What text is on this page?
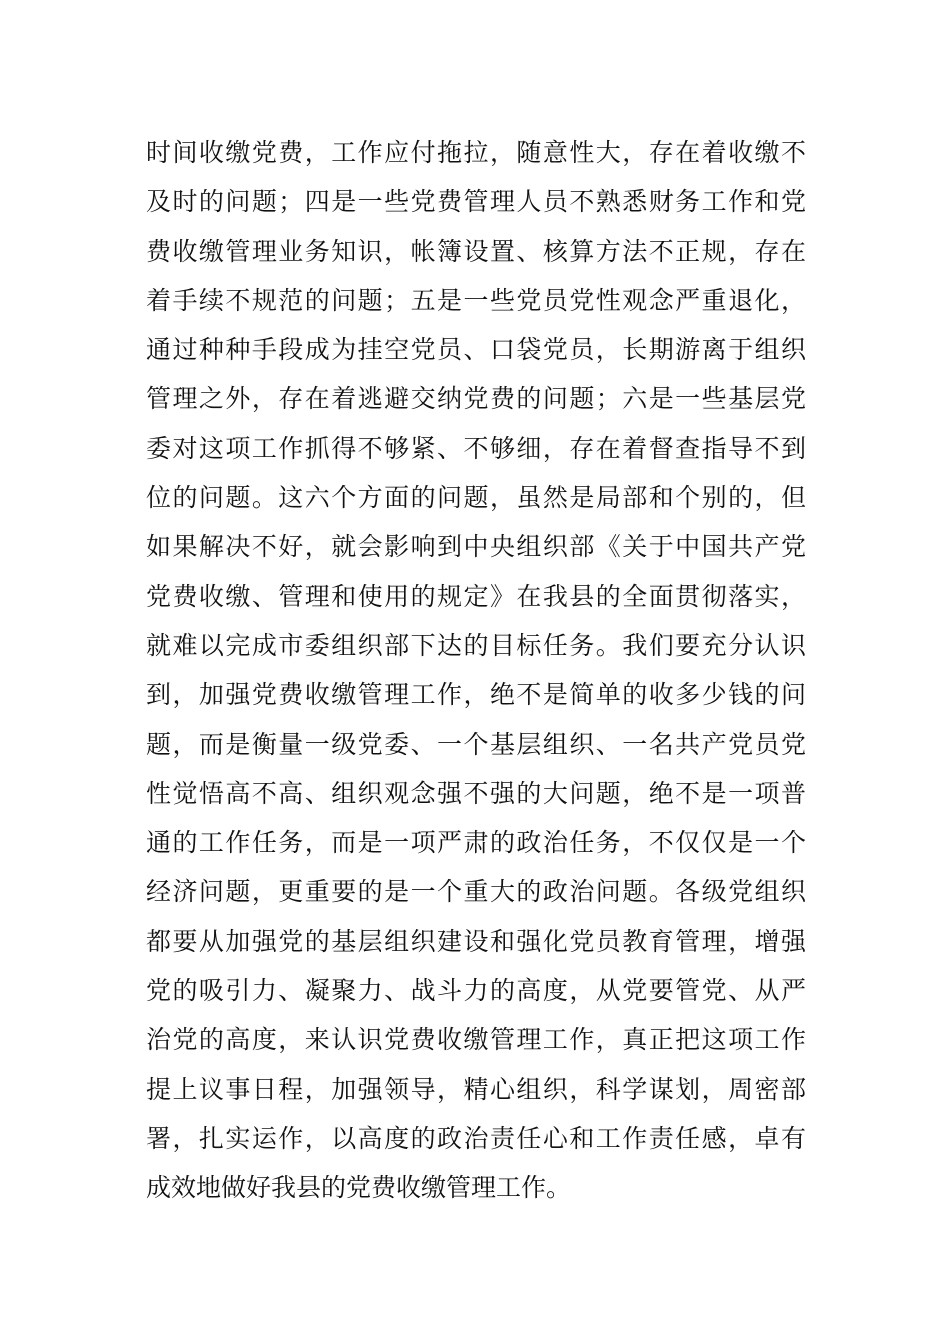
时间收缴党费，工作应付拖拉，随意性大，存在着收缴不
及时的问题；四是一些党费管理人员不熟悉财务工作和党
费收缴管理业务知识，帐簿设置、核算方法不正规，存在
着手续不规范的问题；五是一些党员党性观念严重退化，
通过种种手段成为挂空党员、口袋党员，长期游离于组织
管理之外，存在着逃避交纳党费的问题；六是一些基层党
委对这项工作抓得不够紧、不够细，存在着督查指导不到
位的问题。这六个方面的问题，虽然是局部和个别的，但
如果解决不好，就会影响到中央组织部《关于中国共产党
党费收缴、管理和使用的规定》在我县的全面贯彻落实，
就难以完成市委组织部下达的目标任务。我们要充分认识
到，加强党费收缴管理工作，绝不是简单的收多少钱的问
题，而是衡量一级党委、一个基层组织、一名共产党员党
性觉悟高不高、组织观念强不强的大问题，绝不是一项普
通的工作任务，而是一项严肃的政治任务，不仅仅是一个
经济问题，更重要的是一个重大的政治问题。各级党组织
都要从加强党的基层组织建设和强化党员教育管理，增强
党的吸引力、凝聚力、战斗力的高度，从党要管党、从严
治党的高度，来认识党费收缴管理工作，真正把这项工作
提上议事日程，加强领导，精心组织，科学谋划，周密部
署，扎实运作，以高度的政治责任心和工作责任感，卓有
成效地做好我县的党费收缴管理工作。
